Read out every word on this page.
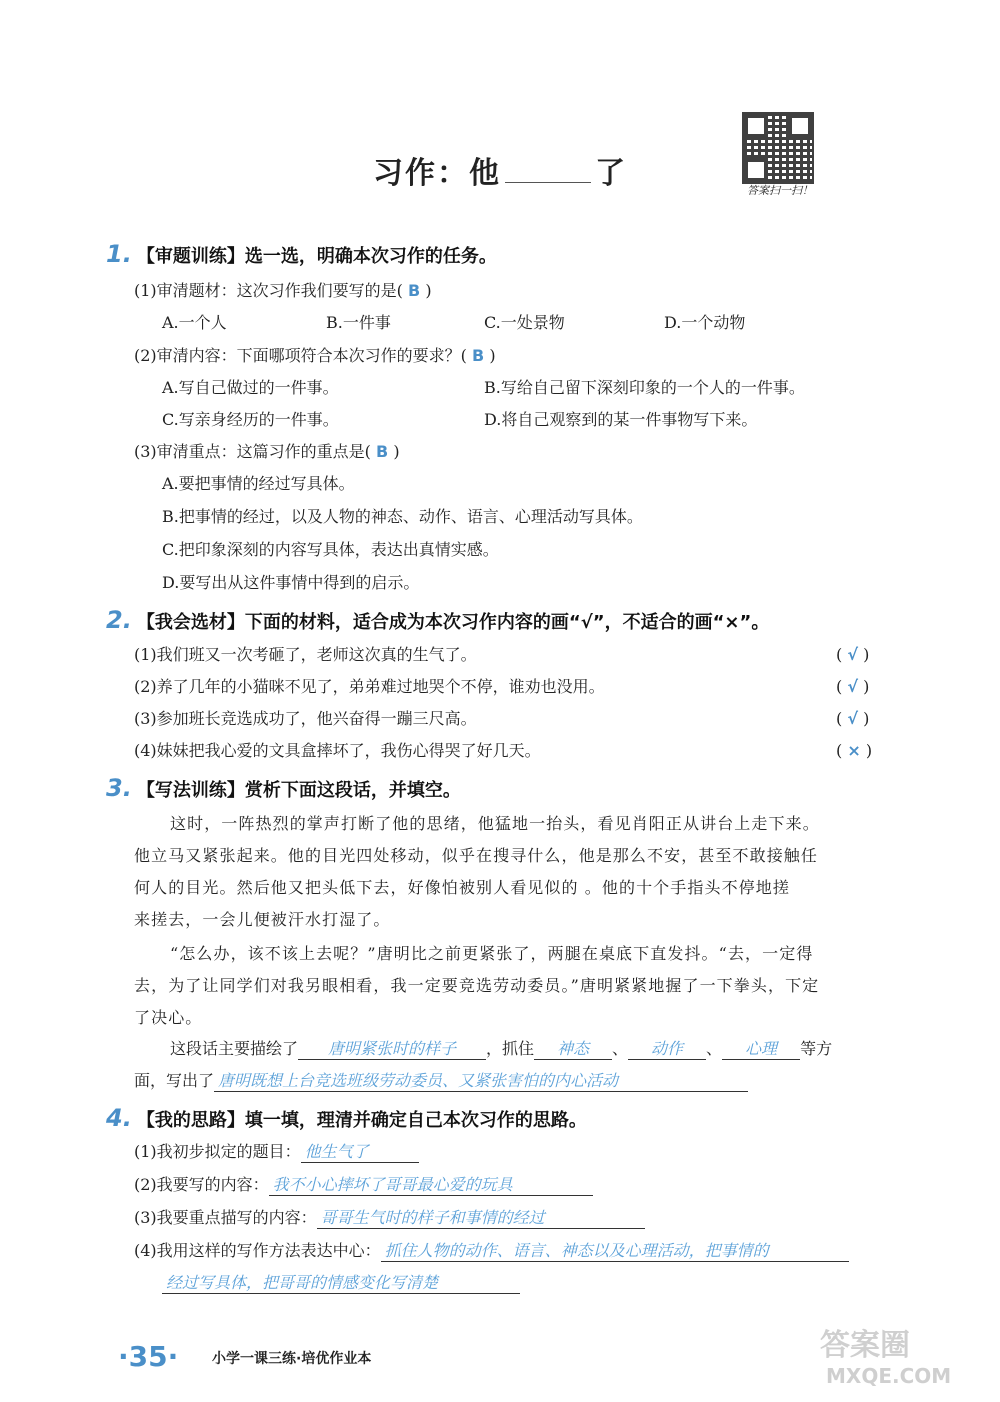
习作：他	了	答案扫一扫！
1. 【审题训练】选一选，明确本次习作的任务。
(1)审清题材：这次习作我们要写的是( B )
A.一个人	B.一件事	C.一处景物	D.一个动物
(2)审清内容：下面哪项符合本次习作的要求？( B )
A.写自己做过的一件事。	B.写给自己留下深刻印象的一个人的一件事。
C.写亲身经历的一件事。	D.将自己观察到的某一件事物写下来。
(3)审清重点：这篇习作的重点是( B )
A.要把事情的经过写具体。
B.把事情的经过，以及人物的神态、动作、语言、心理活动写具体。
C.把印象深刻的内容写具体，表达出真情实感。
D.要写出从这件事情中得到的启示。
2. 【我会选材】下面的材料，适合成为本次习作内容的画“√”，不适合的画“×”。
(1)我们班又一次考砸了，老师这次真的生气了。	( √ )
(2)养了几年的小猫咪不见了，弟弟难过地哭个不停，谁劝也没用。	( √ )
(3)参加班长竞选成功了，他兴奋得一蹦三尺高。	( √ )
(4)妹妹把我心爱的文具盒摔坏了，我伤心得哭了好几天。	( × )
3. 【写法训练】赏析下面这段话，并填空。
这时，一阵热烈的掌声打断了他的思绪，他猛地一抬头，看见肖阳正从讲台上走下来。
他立马又紧张起来。他的目光四处移动，似乎在搜寻什么，他是那么不安，甚至不敢接触任
何人的目光。然后他又把头低下去，好像怕被别人看见似的 。他的十个手指头不停地搓
来搓去，一会儿便被汗水打湿了。
“怎么办，该不该上去呢？”唐明比之前更紧张了，两腿在桌底下直发抖。“去，一定得
去，为了让同学们对我另眼相看，我一定要竞选劳动委员。”唐明紧紧地握了一下拳头，下定
了决心。
这段话主要描绘了 唐明紧张时的样子 ，抓住 神态 、 动作 、 心理 等方
面，写出了 唐明既想上台竞选班级劳动委员、又紧张害怕的内心活动
4. 【我的思路】填一填，理清并确定自己本次习作的思路。
(1)我初步拟定的题目： 他生气了
(2)我要写的内容： 我不小心摔坏了哥哥最心爱的玩具
(3)我要重点描写的内容： 哥哥生气时的样子和事情的经过
(4)我用这样的写作方法表达中心： 抓住人物的动作、语言、神态以及心理活动，把事情的
经过写具体，把哥哥的情感变化写清楚
·35· 小学一课三练·培优作业本	答案圈
MXQE.COM
